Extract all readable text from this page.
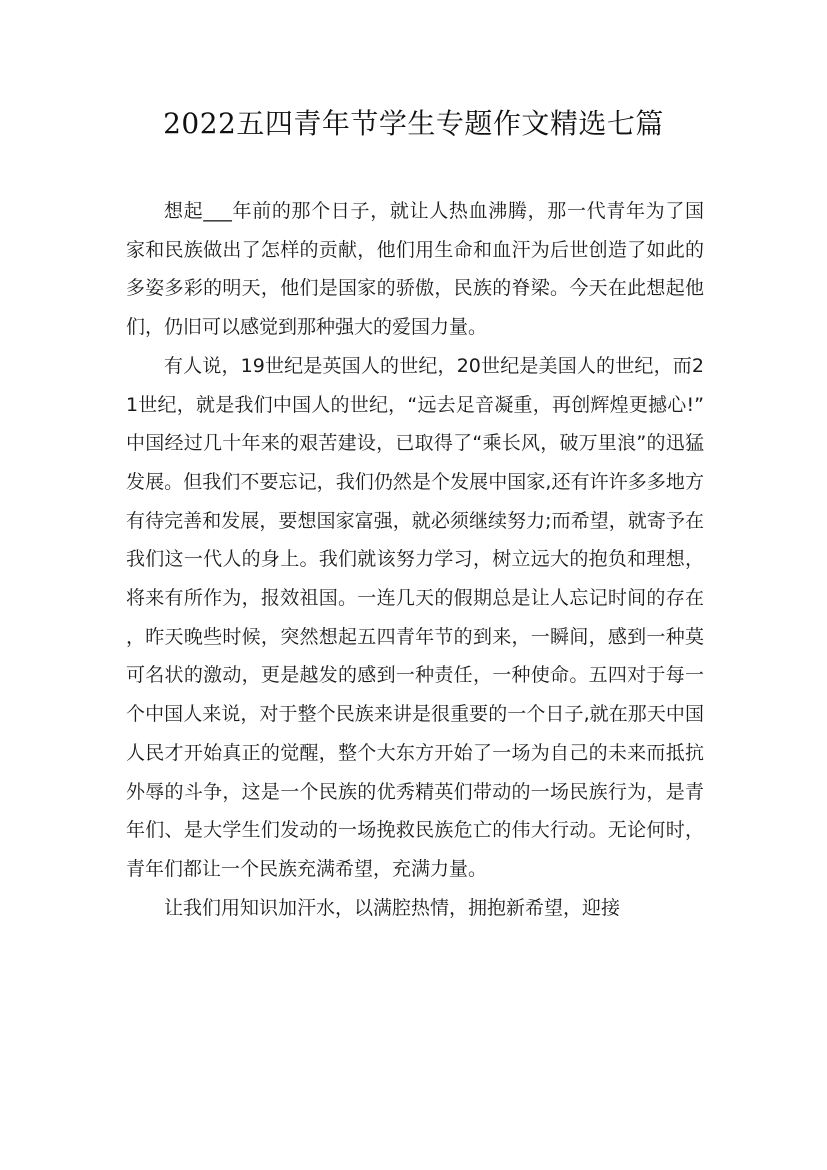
2022五四青年节学生专题作文精选七篇

想起___年前的那个日子，就让人热血沸腾，那一代青年为了国家和民族做出了怎样的贡献，他们用生命和血汗为后世创造了如此的多姿多彩的明天，他们是国家的骄傲，民族的脊梁。今天在此想起他们，仍旧可以感觉到那种强大的爱国力量。

有人说，19世纪是英国人的世纪，20世纪是美国人的世纪，而21世纪，就是我们中国人的世纪，“远去足音凝重，再创辉煌更撼心!”中国经过几十年来的艰苦建设，已取得了“乘长风，破万里浪”的迅猛发展。但我们不要忘记，我们仍然是个发展中国家,还有许许多多地方有待完善和发展，要想国家富强，就必须继续努力;而希望，就寄予在我们这一代人的身上。我们就该努力学习，树立远大的抱负和理想，将来有所作为，报效祖国。一连几天的假期总是让人忘记时间的存在，昨天晚些时候，突然想起五四青年节的到来，一瞬间，感到一种莫可名状的激动，更是越发的感到一种责任，一种使命。五四对于每一个中国人来说，对于整个民族来讲是很重要的一个日子,就在那天中国人民才开始真正的觉醒，整个大东方开始了一场为自己的未来而抵抗外辱的斗争，这是一个民族的优秀精英们带动的一场民族行为，是青年们、是大学生们发动的一场挽救民族危亡的伟大行动。无论何时，青年们都让一个民族充满希望，充满力量。

让我们用知识加汗水，以满腔热情，拥抱新希望，迎接
